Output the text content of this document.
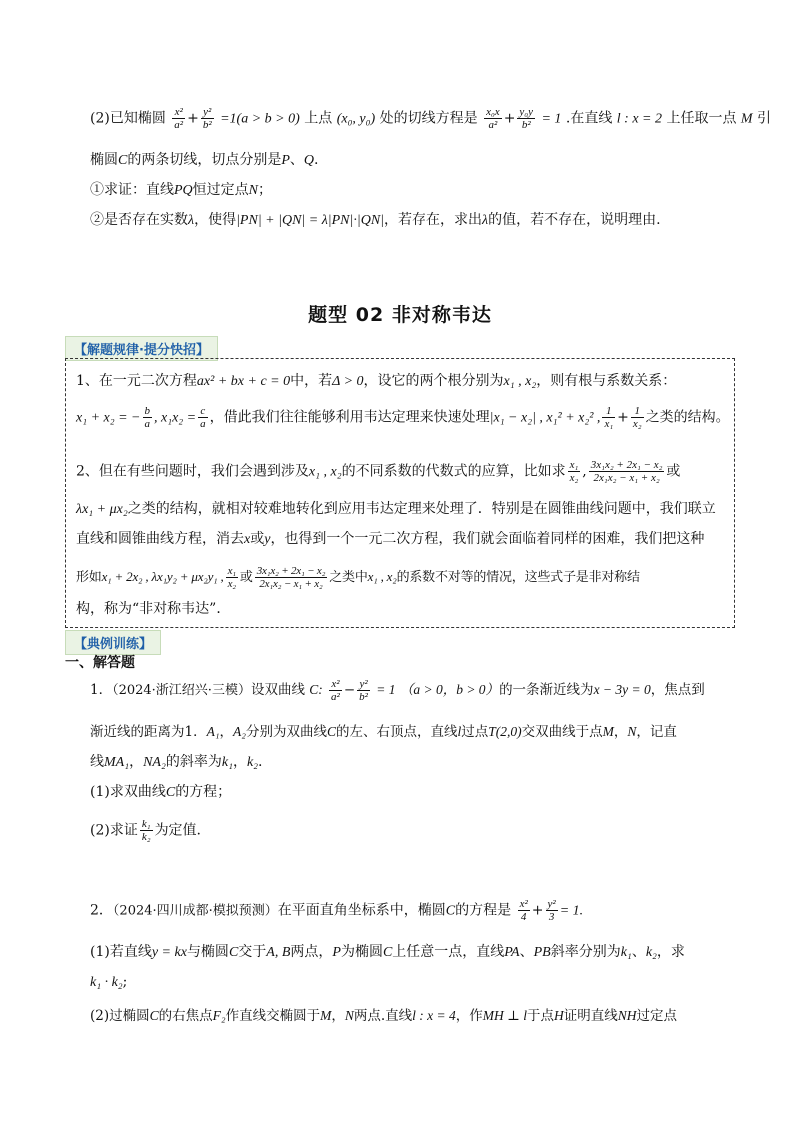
(2)已知椭圆 $\frac{\text{x²}}{\text{a²}} + \frac{\text{y²}}{\text{b²}} =1(a > b > 0)$ 上点 (x₀, y₀) 处的切线方程是 $\frac{\text{x₀x}}{\text{a²}} + \frac{\text{y₀y}}{\text{b²}} = 1$ .在直线 l : x = 2 上任取一点 M 引
椭圆C的两条切线，切点分别是P、Q.
①求证：直线PQ恒过定点N；
②是否存在实数λ，使得|PN| + |QN| = λ|PN|·|QN|，若存在，求出λ的值，若不存在，说明理由.
题型 02 非对称韦达
【解题规律·提分快招】
1、在一元二次方程ax² + bx + c = 0中，若Δ > 0，设它的两个根分别为x₁ , x₂，则有根与系数关系：
x₁ + x₂ = − $\frac{b}{a}$ , $x_1x_2 = \frac{c}{a}$ ，借此我们往往能够利用韦达定理来快速处理|x₁ − x₂| , x₁² + x₂² , $\frac{1}{\text{x₁}} + \frac{1}{\text{x₂}}$ 之类的结构。
2、但在有些问题时，我们会遇到涉及x₁ , x₂的不同系数的代数式的应算，比如求 $\frac{\text{x₁}}{\text{x₂}}$ , $\frac{\text{3x₁x₂ + 2x₁ − x₂}}{\text{2x₁x₂ − x₁ + x₂}}$ 或
λx₁ + μx₂之类的结构，就相对较难地转化到应用韦达定理来处理了．特别是在圆锥曲线问题中，我们联立
直线和圆锥曲线方程，消去x或y，也得到一个一元二次方程，我们就会面临着同样的困难，我们把这种
形如x₁ + 2x₂ , λx₁y₂ + μx₂y₁ , $\frac{\text{x₁}}{\text{x₂}}$ 或 $\frac{\text{3x₁x₂ + 2x₁ − x₂}}{\text{2x₁x₂ − x₁ + x₂}}$ 之类中x₁ , x₂的系数不对等的情况，这些式子是非对称结
构，称为“非对称韦达”．
【典例训练】
一、解答题
1．（2024·浙江绍兴·三模）设双曲线 C: $\frac{\text{x²}}{\text{a²}} - \frac{\text{y²}}{\text{b²}} = 1$ （a > 0，b > 0）的一条渐近线为x − 3y = 0，焦点到
渐近线的距离为1．A₁，A₂分别为双曲线C的左、右顶点，直线l过点T(2,0)交双曲线于点M，N，记直
线MA₁，NA₂的斜率为k₁，k₂.
(1)求双曲线C的方程；
(2)求证 $\frac{\text{k₁}}{\text{k₂}}$ 为定值.
2．（2024·四川成都·模拟预测）在平面直角坐标系中，椭圆C的方程是 $\frac{\text{x²}}{4} + \frac{\text{y²}}{3} = 1$.
(1)若直线y = kx与椭圆C交于A, B两点，P为椭圆C上任意一点，直线PA、PB斜率分别为k₁、k₂，求
k₁ · k₂;
(2)过椭圆C的右焦点F₂作直线交椭圆于M，N两点.直线l : x = 4，作MH ⊥ l于点H证明直线NH过定点
